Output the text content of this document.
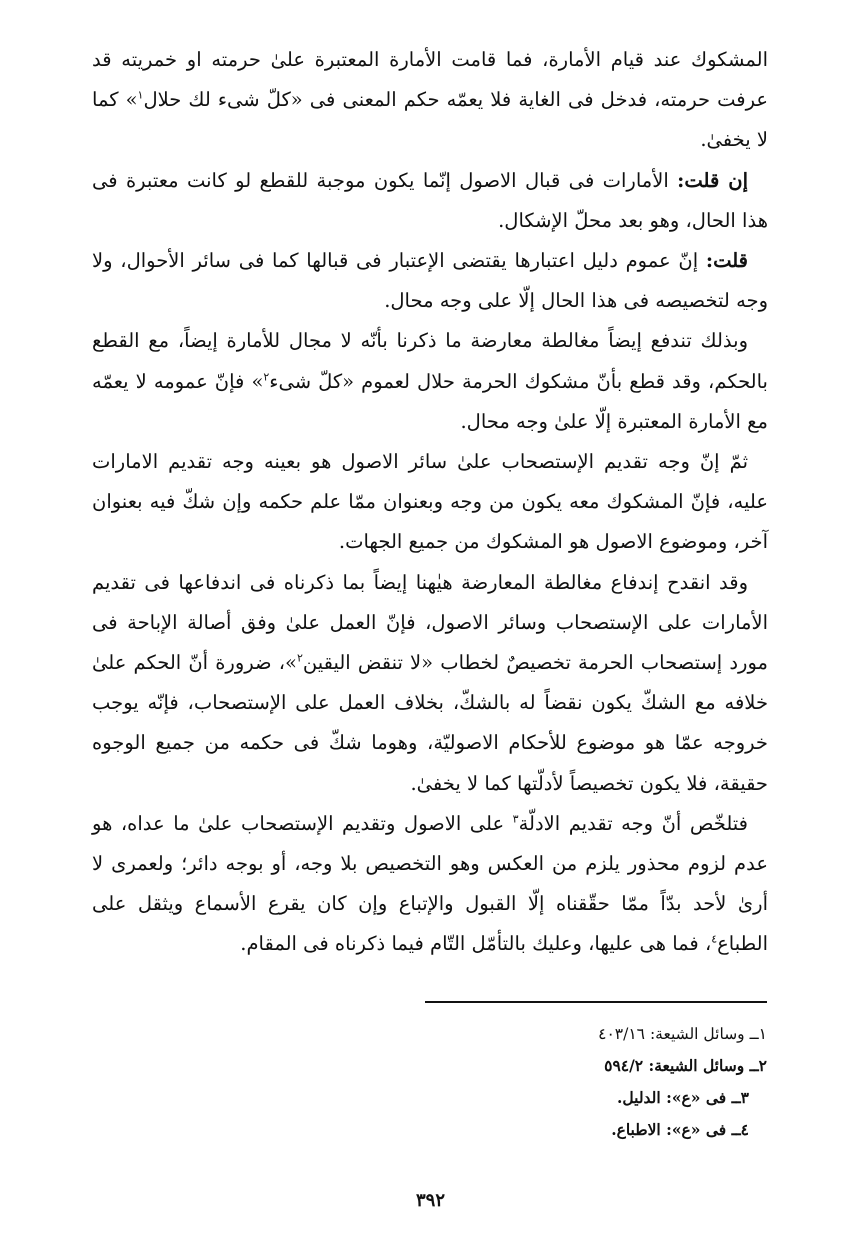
المشكوك عند قيام الأمارة، فما قامت الأمارة المعتبرة علىٰ حرمته او خمريته قد عرفت حرمته، فدخل فى الغاية فلا يعمّه حكم المعنى فى «كلّ شىء لك حلال$^١$» كما لا يخفىٰ.

إن قلت: الأمارات فى قبال الاصول إنّما يكون موجبة للقطع لو كانت معتبرة فى هذا الحال، وهو بعد محلّ الإشكال.

قلت: إنّ عموم دليل اعتبارها يقتضى الإعتبار فى قبالها كما فى سائر الأحوال، ولا وجه لتخصيصه فى هذا الحال إلّا على وجه محال.

وبذلك تندفع إيضاً مغالطة معارضة ما ذكرنا بأنّه لا مجال للأمارة إيضاً، مع القطع بالحكم، وقد قطع بأنّ مشكوك الحرمة حلال لعموم «كلّ شىء$^٢$» فإنّ عمومه لا يعمّه مع الأمارة المعتبرة إلّا علىٰ وجه محال.

ثمّ إنّ وجه تقديم الإستصحاب علىٰ سائر الاصول هو بعينه وجه تقديم الامارات عليه، فإنّ المشكوك معه يكون من وجه وبعنوان ممّا علم حكمه وإن شكّ فيه بعنوان آخر، وموضوع الاصول هو المشكوك من جميع الجهات.

وقد انقدح إندفاع مغالطة المعارضة هيٰهنا إيضاً بما ذكرناه فى اندفاعها فى تقديم الأمارات على الإستصحاب وسائر الاصول، فإنّ العمل علىٰ وفق أصالة الإباحة فى مورد إستصحاب الحرمة تخصيصٌ لخطاب «لا تنقض اليقين$^٢$»، ضرورة أنّ الحكم علىٰ خلافه مع الشكّ يكون نقضاً له بالشكّ، بخلاف العمل على الإستصحاب، فإنّه يوجب خروجه عمّا هو موضوع للأحكام الاصوليّة، وهوما شكّ فى حكمه من جميع الوجوه حقيقة، فلا يكون تخصيصاً لأدلّتها كما لا يخفىٰ.

فتلخّص أنّ وجه تقديم الادلّة$^٣$ على الاصول وتقديم الإستصحاب علىٰ ما عداه، هو عدم لزوم محذور يلزم من العكس وهو التخصيص بلا وجه، أو بوجه دائر؛ ولعمرى لا أرىٰ لأحد بدّاً ممّا حقّقناه إلّا القبول والإتباع وإن كان يقرع الأسماع ويثقل على الطباع$^٤$، فما هى عليها، وعليك بالتأمّل التّام فيما ذكرناه فى المقام.

١ــ وسائل الشيعة: ٤٠٣/١٦
٢ــ وسائل الشيعة: ٥٩٤/٢
٣ــ فى «ع»: الدليل.
٤ــ فى «ع»: الاطباع.
٣٩٢
